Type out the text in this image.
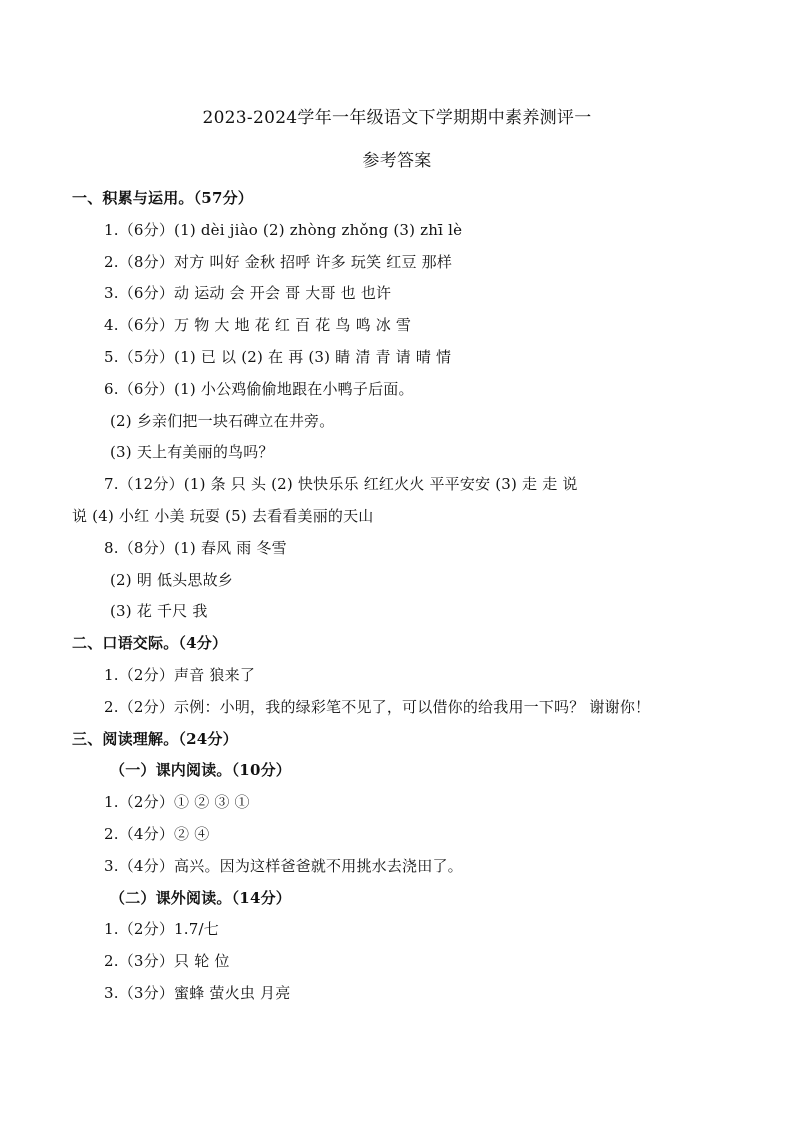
2023-2024学年一年级语文下学期期中素养测评一
参考答案
一、积累与运用。（57分）
1.（6分）(1) dèi jiào (2) zhòng zhǒng (3) zhī lè
2.（8分）对方 叫好 金秋 招呼 许多 玩笑 红豆 那样
3.（6分）动 运动 会 开会 哥 大哥 也 也许
4.（6分）万 物 大 地 花 红 百 花 鸟 鸣 冰 雪
5.（5分）(1) 已 以 (2) 在 再 (3) 睛 清 青 请 晴 情
6.（6分）(1) 小公鸡偷偷地跟在小鸭子后面。
(2) 乡亲们把一块石碑立在井旁。
(3) 天上有美丽的鸟吗？
7.（12分）(1) 条 只 头 (2) 快快乐乐 红红火火 平平安安 (3) 走 走 说
说 (4) 小红 小美 玩耍 (5) 去看看美丽的天山
8.（8分）(1) 春风 雨 冬雪
(2) 明 低头思故乡
(3) 花 千尺 我
二、口语交际。（4分）
1.（2分）声音 狼来了
2.（2分）示例：小明，我的绿彩笔不见了，可以借你的给我用一下吗？ 谢谢你！
三、阅读理解。（24分）
（一）课内阅读。（10分）
1.（2分）① ② ③ ①
2.（4分）② ④
3.（4分）高兴。因为这样爸爸就不用挑水去浇田了。
（二）课外阅读。（14分）
1.（2分）1.7/七
2.（3分）只 轮 位
3.（3分）蜜蜂 萤火虫 月亮
